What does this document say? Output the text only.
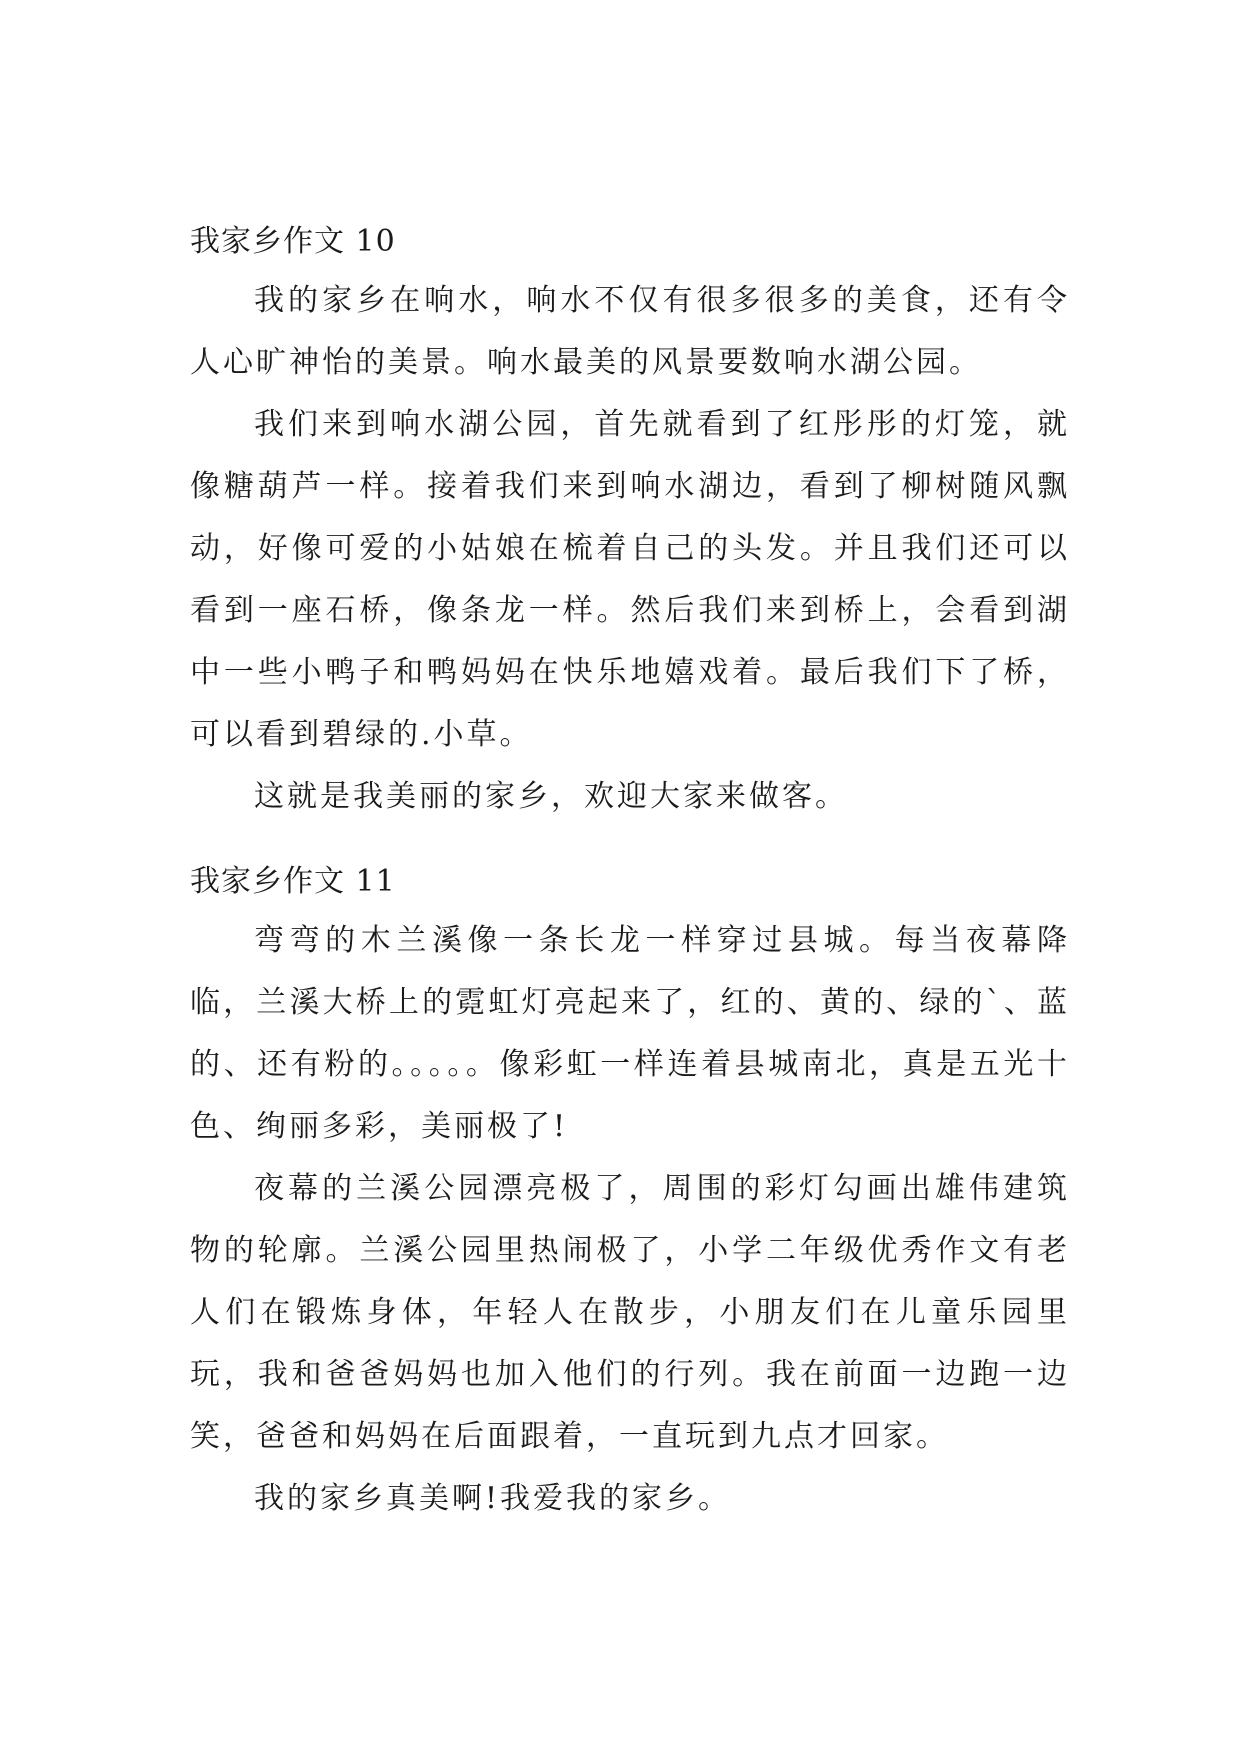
我家乡作文 10

我的家乡在响水，响水不仅有很多很多的美食，还有令人心旷神怡的美景。响水最美的风景要数响水湖公园。

我们来到响水湖公园，首先就看到了红彤彤的灯笼，就像糖葫芦一样。接着我们来到响水湖边，看到了柳树随风飘动，好像可爱的小姑娘在梳着自己的头发。并且我们还可以看到一座石桥，像条龙一样。然后我们来到桥上，会看到湖中一些小鸭子和鸭妈妈在快乐地嬉戏着。最后我们下了桥，可以看到碧绿的.小草。

这就是我美丽的家乡，欢迎大家来做客。

我家乡作文 11

弯弯的木兰溪像一条长龙一样穿过县城。每当夜幕降临，兰溪大桥上的霓虹灯亮起来了，红的、黄的、绿的`、蓝的、还有粉的。。。。。像彩虹一样连着县城南北，真是五光十色、绚丽多彩，美丽极了!

夜幕的兰溪公园漂亮极了，周围的彩灯勾画出雄伟建筑物的轮廓。兰溪公园里热闹极了，小学二年级优秀作文有老人们在锻炼身体，年轻人在散步，小朋友们在儿童乐园里玩，我和爸爸妈妈也加入他们的行列。我在前面一边跑一边笑，爸爸和妈妈在后面跟着，一直玩到九点才回家。

我的家乡真美啊!我爱我的家乡。
